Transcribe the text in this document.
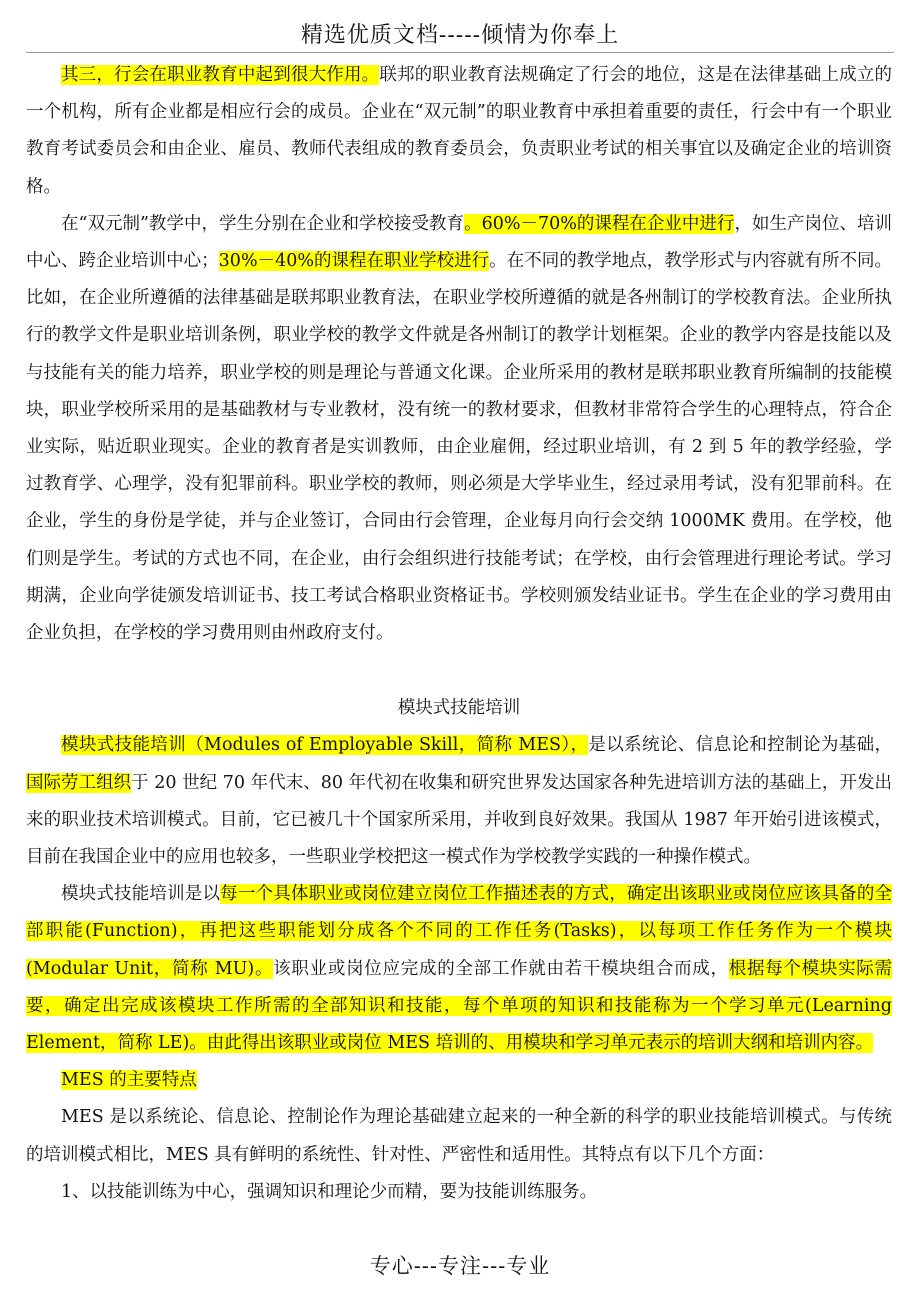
精选优质文档-----倾情为你奉上

其三，行会在职业教育中起到很大作用。联邦的职业教育法规确定了行会的地位，这是在法律基础上成立的一个机构，所有企业都是相应行会的成员。企业在“双元制”的职业教育中承担着重要的责任，行会中有一个职业教育考试委员会和由企业、雇员、教师代表组成的教育委员会，负责职业考试的相关事宜以及确定企业的培训资格。

在“双元制”教学中，学生分别在企业和学校接受教育。60%－70%的课程在企业中进行，如生产岗位、培训中心、跨企业培训中心；30%－40%的课程在职业学校进行。在不同的教学地点，教学形式与内容就有所不同。比如，在企业所遵循的法律基础是联邦职业教育法，在职业学校所遵循的就是各州制订的学校教育法。企业所执行的教学文件是职业培训条例，职业学校的教学文件就是各州制订的教学计划框架。企业的教学内容是技能以及与技能有关的能力培养，职业学校的则是理论与普通文化课。企业所采用的教材是联邦职业教育所编制的技能模块，职业学校所采用的是基础教材与专业教材，没有统一的教材要求，但教材非常符合学生的心理特点，符合企业实际，贴近职业现实。企业的教育者是实训教师，由企业雇佣，经过职业培训，有 2 到 5 年的教学经验，学过教育学、心理学，没有犯罪前科。职业学校的教师，则必须是大学毕业生，经过录用考试，没有犯罪前科。在企业，学生的身份是学徒，并与企业签订，合同由行会管理，企业每月向行会交纳 1000MK 费用。在学校，他们则是学生。考试的方式也不同，在企业，由行会组织进行技能考试；在学校，由行会管理进行理论考试。学习期满，企业向学徒颁发培训证书、技工考试合格职业资格证书。学校则颁发结业证书。学生在企业的学习费用由企业负担，在学校的学习费用则由州政府支付。

模块式技能培训

模块式技能培训（Modules of Employable Skill，简称 MES），是以系统论、信息论和控制论为基础，国际劳工组织于 20 世纪 70 年代末、80 年代初在收集和研究世界发达国家各种先进培训方法的基础上，开发出来的职业技术培训模式。目前，它已被几十个国家所采用，并收到良好效果。我国从 1987 年开始引进该模式，目前在我国企业中的应用也较多，一些职业学校把这一模式作为学校教学实践的一种操作模式。

模块式技能培训是以每一个具体职业或岗位建立岗位工作描述表的方式，确定出该职业或岗位应该具备的全部职能(Function)，再把这些职能划分成各个不同的工作任务(Tasks)，以每项工作任务作为一个模块(Modular Unit，简称 MU)。该职业或岗位应完成的全部工作就由若干模块组合而成，根据每个模块实际需要，确定出完成该模块工作所需的全部知识和技能，每个单项的知识和技能称为一个学习单元(Learning Element，简称 LE)。由此得出该职业或岗位 MES 培训的、用模块和学习单元表示的培训大纲和培训内容。

MES 的主要特点

MES 是以系统论、信息论、控制论作为理论基础建立起来的一种全新的科学的职业技能培训模式。与传统的培训模式相比，MES 具有鲜明的系统性、针对性、严密性和适用性。其特点有以下几个方面：

1、以技能训练为中心，强调知识和理论少而精，要为技能训练服务。

专心---专注---专业
